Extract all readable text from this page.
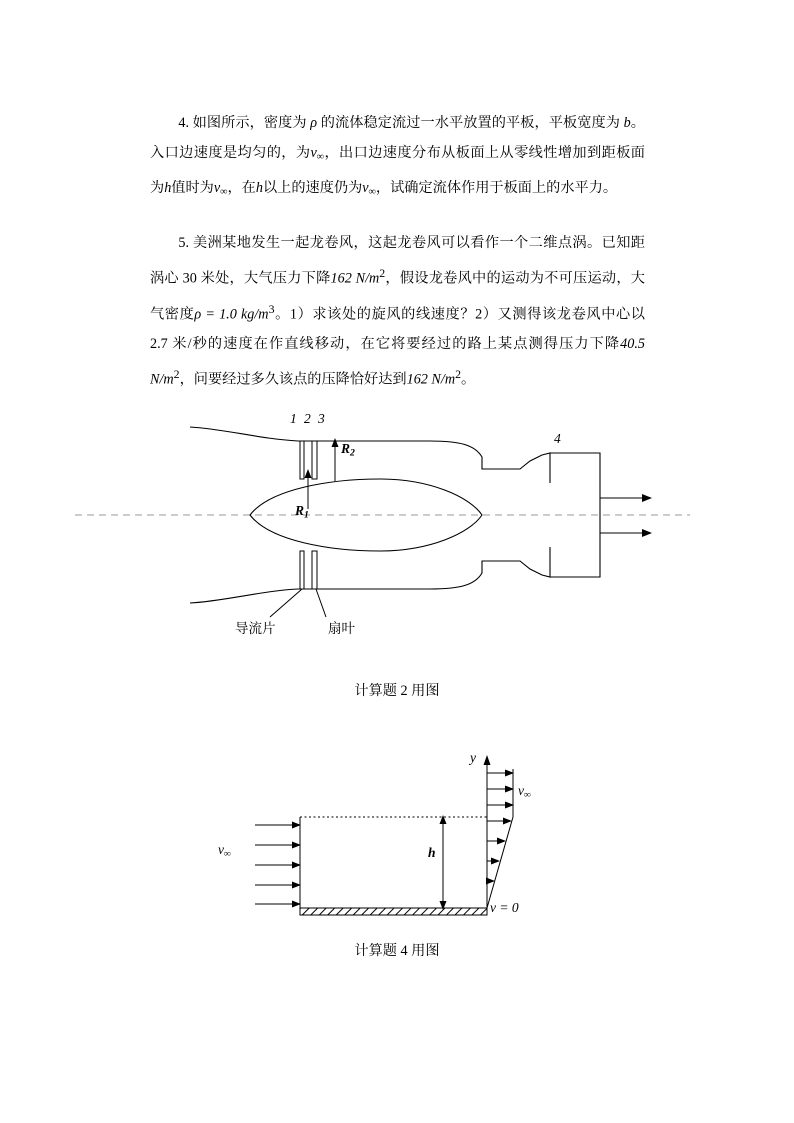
4. 如图所示，密度为 ρ 的流体稳定流过一水平放置的平板，平板宽度为 b。入口边速度是均匀的，为$v_\infty$，出口边速度分布从板面上从零线性增加到距板面为h值时为$v_\infty$，在h以上的速度仍为$v_\infty$，试确定流体作用于板面上的水平力。

5. 美洲某地发生一起龙卷风，这起龙卷风可以看作一个二维点涡。已知距涡心 30 米处，大气压力下降162 $N/m^2$，假设龙卷风中的运动为不可压运动，大气密度ρ = 1.0 $kg/m^3$。1）求该处的旋风的线速度？2）又测得该龙卷风中心以 2.7 米/秒的速度在作直线移动，在它将要经过的路上某点测得压力下降40.5 $N/m^2$，问要经过多久该点的压降恰好达到162 $N/m^2$。

1 2 3
4
$R_1$
$R_2$
导流片	扇叶
计算题 2 用图
y
$v_\infty$
$v_\infty$	h
v = 0
计算题 4 用图
